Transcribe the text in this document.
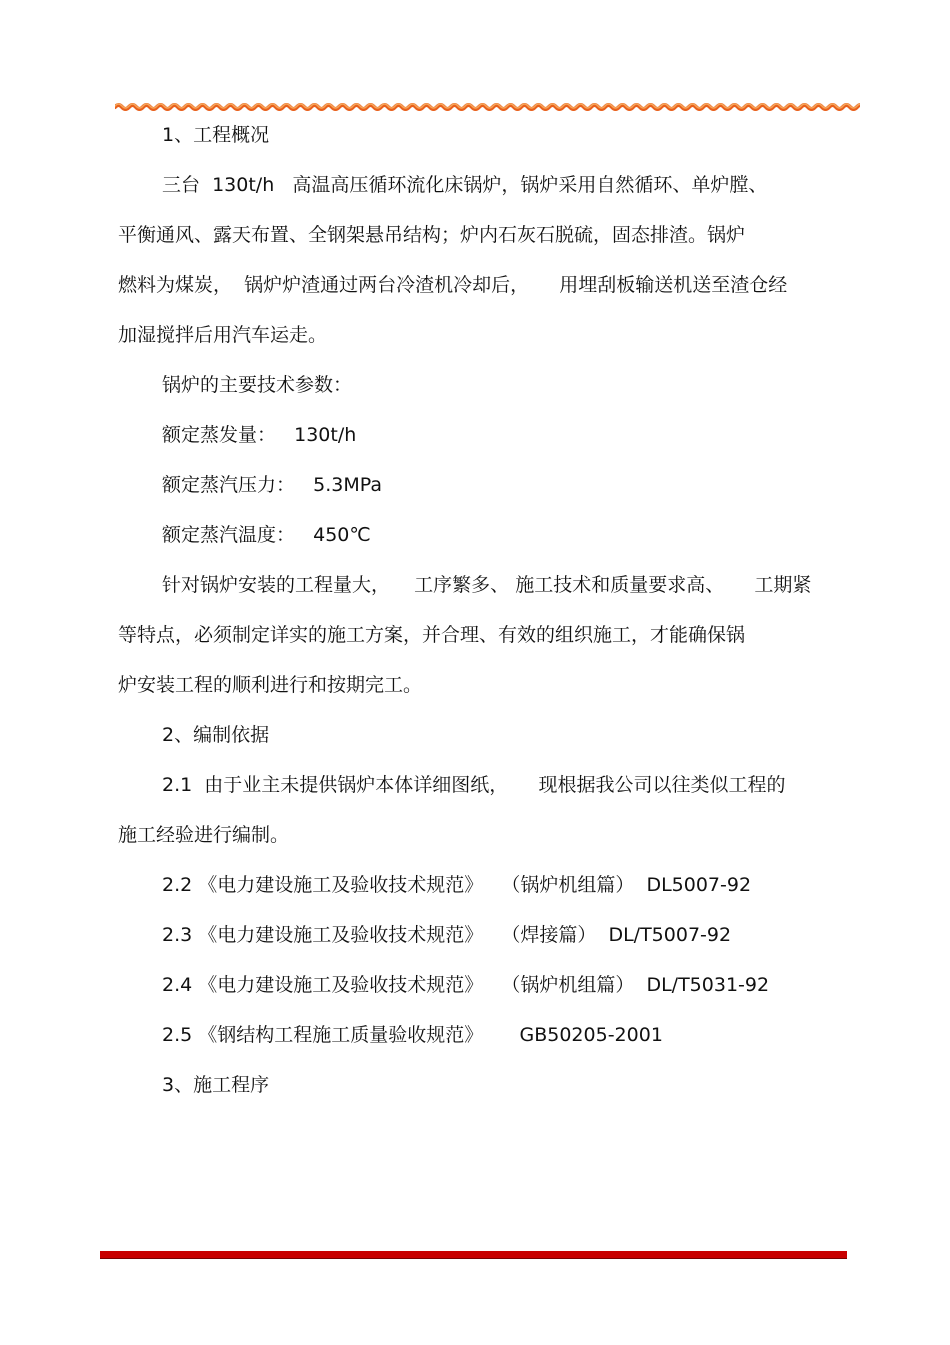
1、工程概况
三台  130t/h   高温高压循环流化床锅炉，锅炉采用自然循环、单炉膛、
平衡通风、露天布置、全钢架悬吊结构；炉内石灰石脱硫，固态排渣。锅炉
燃料为煤炭，  锅炉炉渣通过两台冷渣机冷却后，     用埋刮板输送机送至渣仓经
加湿搅拌后用汽车运走。
锅炉的主要技术参数：
额定蒸发量：   130t/h
额定蒸汽压力：   5.3MPa
额定蒸汽温度：   450℃
针对锅炉安装的工程量大，    工序繁多、 施工技术和质量要求高、     工期紧
等特点，必须制定详实的施工方案，并合理、有效的组织施工，才能确保锅
炉安装工程的顺利进行和按期完工。
2、编制依据
2.1  由于业主未提供锅炉本体详细图纸，     现根据我公司以往类似工程的
施工经验进行编制。
2.2 《电力建设施工及验收技术规范》   （锅炉机组篇）  DL5007-92
2.3 《电力建设施工及验收技术规范》   （焊接篇）  DL/T5007-92
2.4 《电力建设施工及验收技术规范》   （锅炉机组篇）  DL/T5031-92
2.5 《钢结构工程施工质量验收规范》      GB50205-2001
3、施工程序
